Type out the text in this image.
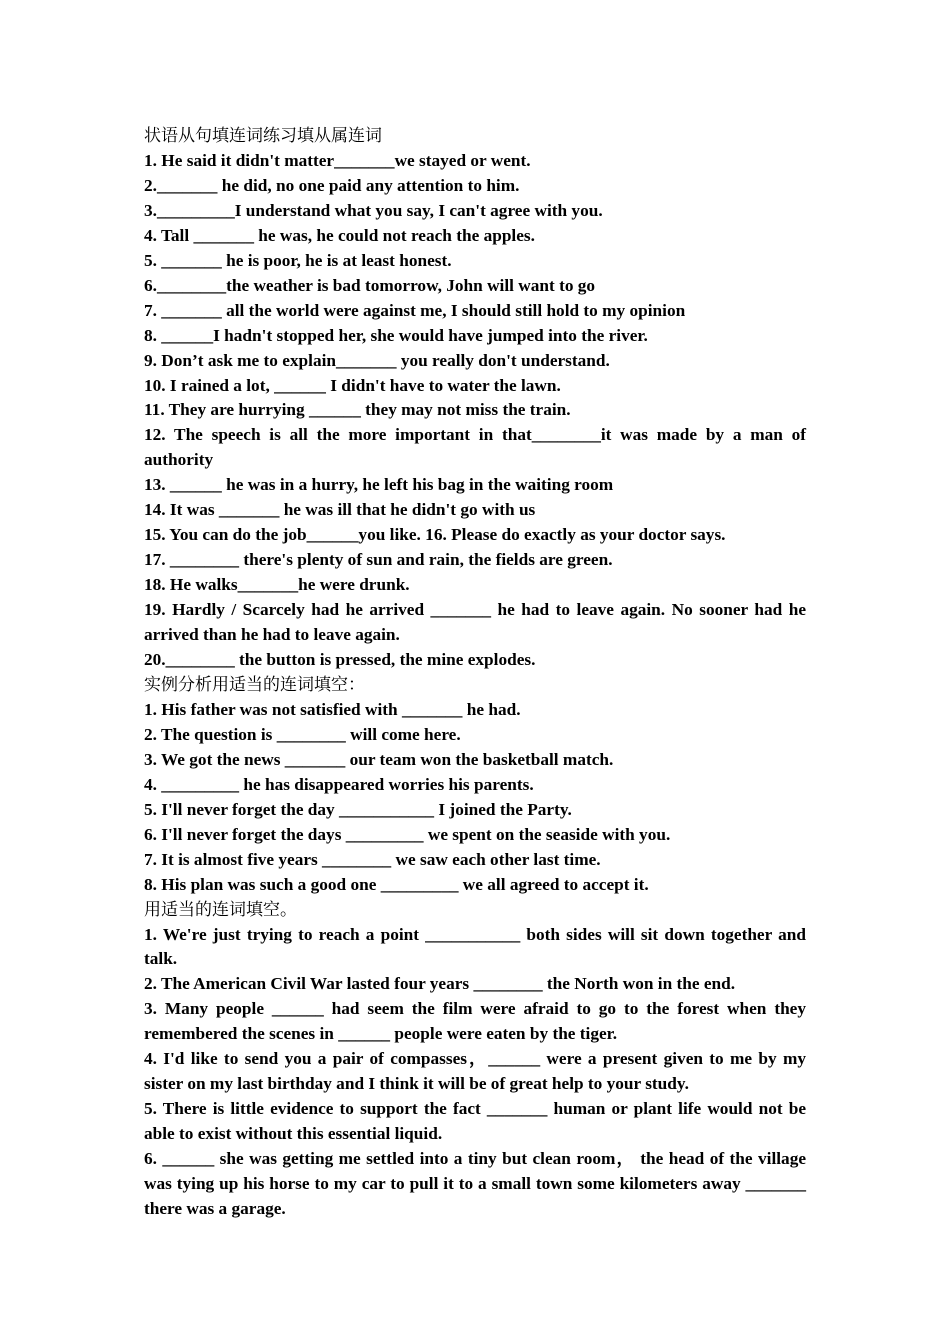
状语从句填连词练习填从属连词
1. He said it didn't matter_______we stayed or went.
2._______ he did, no one paid any attention to him.
3._________I understand what you say, I can't agree with you.
4. Tall _______ he was, he could not reach the apples.
5. _______ he is poor, he is at least honest.
6.________the weather is bad tomorrow, John will want to go
7. _______ all the world were against me, I should still hold to my opinion
8. ______I hadn't stopped her, she would have jumped into the river.
9. Don’t ask me to explain_______ you really don't understand.
10. I rained a lot, ______ I didn't have to water the lawn.
11. They are hurrying ______ they may not miss the train.
12. The speech is all the more important in that________it was made by a man of authority
13. ______ he was in a hurry, he left his bag in the waiting room
14. It was _______ he was ill that he didn't go with us
15. You can do the job______you like. 16. Please do exactly as your doctor says.
17. ________ there's plenty of sun and rain, the fields are green.
18. He walks_______he were drunk.
19. Hardly / Scarcely had he arrived _______ he had to leave again. No sooner had he arrived than he had to leave again.
20.________ the button is pressed, the mine explodes.
实例分析用适当的连词填空：
1. His father was not satisfied with _______ he had.
2. The question is ________ will come here.
3. We got the news _______ our team won the basketball match.
4. _________ he has disappeared worries his parents.
5. I'll never forget the day ___________ I joined the Party.
6. I'll never forget the days _________ we spent on the seaside with you.
7. It is almost five years ________ we saw each other last time.
8. His plan was such a good one _________ we all agreed to accept it.
用适当的连词填空。
1. We're just trying to reach a point ___________ both sides will sit down together and talk.
2. The American Civil War lasted four years ________ the North won in the end.
3. Many people ______ had seem the film were afraid to go to the forest when they remembered the scenes in ______ people were eaten by the tiger.
4. I'd like to send you a pair of compasses，______ were a present given to me by my sister on my last birthday and I think it will be of great help to your study.
5. There is little evidence to support the fact _______ human or plant life would not be able to exist without this essential liquid.
6. ______ she was getting me settled into a tiny but clean room， the head of the village was tying up his horse to my car to pull it to a small town some kilometers away _______ there was a garage.
